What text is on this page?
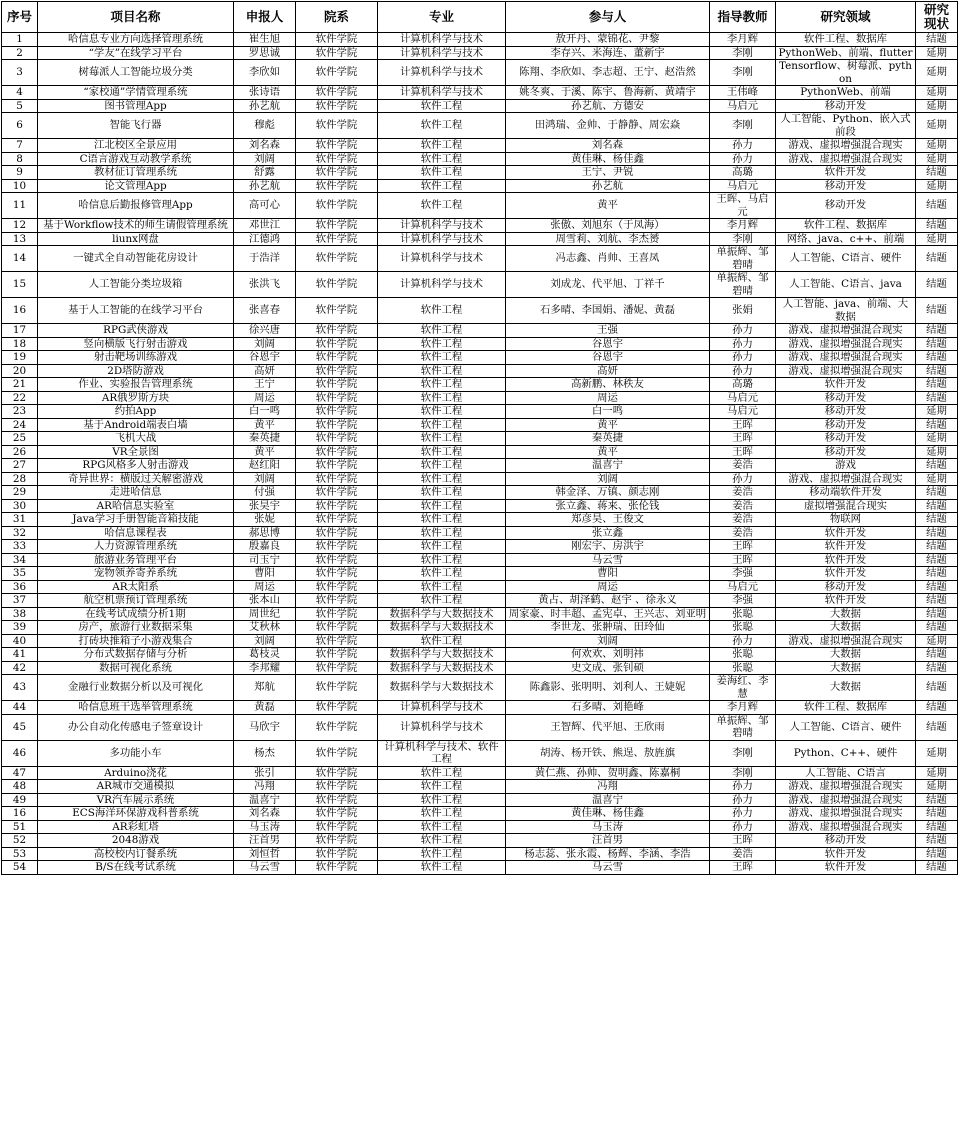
序号	项目名称	申报人	院系	专业	参与人	指导教师	研究领域	研究现状
1	哈信息专业方向选择管理系统	崔生旭	软件学院	计算机科学与技术	敖开丹、蒙锦花、尹黎	李月辉	软件工程、数据库	结题
2	“学友”在线学习平台	罗思诚	软件学院	计算机科学与技术	李存兴、米海连、董新宇	李刚	PythonWeb、前端、flutter	延期
3	树莓派人工智能垃圾分类	李欣如	软件学院	计算机科学与技术	陈翔、李欣如、李志超、王宁、赵浩然	李刚	Tensorflow、树莓派、python	延期
4	“家校通”学情管理系统	张诗语	软件学院	计算机科学与技术	姚冬爽、于溪、陈宇、鲁海新、黄靖宇	王伟峰	PythonWeb、前端	延期
5	图书管理App	孙艺航	软件学院	软件工程	孙艺航、方德安	马启元	移动开发	延期
6	智能飞行器	穆彪	软件学院	软件工程	田鸿瑞、金帅、于静静、周宏焱	李刚	人工智能、Python、嵌入式前段	延期
7	江北校区全景应用	刘名森	软件学院	软件工程	刘名森	孙力	游戏、虚拟增强混合现实	延期
8	C语言游戏互动教学系统	刘阔	软件学院	软件工程	黄佳琳、杨佳鑫	孙力	游戏、虚拟增强混合现实	延期
9	教材征订管理系统	舒露	软件学院	软件工程	王宁、尹锐	高璐	软件开发	结题
10	论文管理App	孙艺航	软件学院	软件工程	孙艺航	马启元	移动开发	延期
11	哈信息后勤报修管理App	高可心	软件学院	软件工程	黄平	王晖、马启元	移动开发	结题
12	基于Workflow技术的师生请假管理系统	邓世江	软件学院	计算机科学与技术	张傲、刘旭东（于凤海）	李月辉	软件工程、数据库	结题
13	liunx网盘	江德鸿	软件学院	计算机科学与技术	周雪莉、刘航、李杰赟	李刚	网络、java、c++、前端	延期
14	一键式全自动智能花房设计	于浩洋	软件学院	计算机科学与技术	冯志鑫、肖帅、王喜凤	单振辉、邹碧晴	人工智能、C语言、硬件	结题
15	人工智能分类垃圾箱	张洪飞	软件学院	计算机科学与技术	刘成龙、代平旭、丁祥千	单振辉、邹碧晴	人工智能、C语言、java	结题
16	基于人工智能的在线学习平台	张喜春	软件学院	软件工程	石多晴、李国娟、潘妮、黄磊	张娟	人工智能、java、前端、大数据	结题
17	RPG武侠游戏	徐兴唐	软件学院	软件工程	王强	孙力	游戏、虚拟增强混合现实	结题
18	竖向横版飞行射击游戏	刘阔	软件学院	软件工程	谷恩宇	孙力	游戏、虚拟增强混合现实	结题
19	射击靶场训练游戏	谷恩宇	软件学院	软件工程	谷恩宇	孙力	游戏、虚拟增强混合现实	结题
20	2D塔防游戏	高妍	软件学院	软件工程	高妍	孙力	游戏、虚拟增强混合现实	结题
21	作业、实验报告管理系统	王宁	软件学院	软件工程	高新鹏、林秩友	高璐	软件开发	结题
22	AR俄罗斯方块	周运	软件学院	软件工程	周运	马启元	移动开发	结题
23	约拍App	白一鸣	软件学院	软件工程	白一鸣	马启元	移动开发	延期
24	基于Android端表白墙	黄平	软件学院	软件工程	黄平	王晖	移动开发	结题
25	飞机大战	秦英捷	软件学院	软件工程	秦英捷	王晖	移动开发	延期
26	VR全景图	黄平	软件学院	软件工程	黄平	王晖	移动开发	延期
27	RPG风格多人射击游戏	赵红阳	软件学院	软件工程	温喜宁	姜浩	游戏	结题
28	奇异世界：横版过关解密游戏	刘阔	软件学院	软件工程	刘阔	孙力	游戏、虚拟增强混合现实	延期
29	走进哈信息	付强	软件学院	软件工程	韩金泽、万镇、颜志刚	姜浩	移动端软件开发	结题
30	AR哈信息实验室	张昊宇	软件学院	软件工程	张立鑫、蒋来、张伦钱	姜浩	虚拟增强混合现实	结题
31	Java学习手册智能音箱技能	张妮	软件学院	软件工程	郑彦昊、王俊文	姜浩	物联网	结题
32	哈信息课程表	郝思博	软件学院	软件工程	张立鑫	姜浩	软件开发	结题
33	人力资源管理系统	殷嘉良	软件学院	软件工程	刚宏宇、房洪宇	王晖	软件开发	结题
34	旅游业务管理平台	司玉宁	软件学院	软件工程	马云雪	王晖	软件开发	结题
35	宠物领养寄养系统	曹阳	软件学院	软件工程	曹阳	李强	软件开发	结题
36	AR太阳系	周运	软件学院	软件工程	周运	马启元	移动开发	结题
37	航空机票预订管理系统	张本山	软件学院	软件工程	黄占、胡泽鹤、赵宇 、徐永义	李强	软件开发	结题
38	在线考试成绩分析1期	周世纪	软件学院	数据科学与大数据技术	周家豪、时丰超、孟宪卓、王兴志、刘亚明	张聪	大数据	结题
39	房产，旅游行业数据采集	艾秋林	软件学院	数据科学与大数据技术	李世龙、张翀瑞、田玲仙	张聪	大数据	结题
40	打砖块推箱子小游戏集合	刘阔	软件学院	软件工程	刘阔	孙力	游戏、虚拟增强混合现实	延期
41	分布式数据存储与分析	葛枝灵	软件学院	数据科学与大数据技术	何欢欢、刘明祎	张聪	大数据	结题
42	数据可视化系统	李邦耀	软件学院	数据科学与大数据技术	史文成、张钊硕	张聪	大数据	结题
43	金融行业数据分析以及可视化	郑航	软件学院	数据科学与大数据技术	陈鑫影、张明明、刘利人、王婕妮	姜海红、李慧	大数据	结题
44	哈信息班干选举管理系统	黄磊	软件学院	计算机科学与技术	石多晴、刘艳峰	李月辉	软件工程、数据库	结题
45	办公自动化传感电子签章设计	马欣宇	软件学院	计算机科学与技术	王智辉、代平旭、王欣雨	单振辉、邹碧晴	人工智能、C语言、硬件	结题
46	多功能小车	杨杰	软件学院	计算机科学与技术、软件工程	胡涛、杨开铁、熊逞、敖旌旗	李刚	Python、C++、硬件	延期
47	Arduino浇花	张引	软件学院	软件工程	黄仁燕、孙帅、贺明鑫、陈嘉桐	李刚	人工智能、C语言	延期
48	AR城市交通模拟	冯翔	软件学院	软件工程	冯翔	孙力	游戏、虚拟增强混合现实	延期
49	VR汽车展示系统	温喜宁	软件学院	软件工程	温喜宁	孙力	游戏、虚拟增强混合现实	结题
16	ECS海洋环保游戏科普系统	刘名森	软件学院	软件工程	黄佳琳、杨佳鑫	孙力	游戏、虚拟增强混合现实	结题
51	AR彩虹塔	马玉涛	软件学院	软件工程	马玉涛	孙力	游戏、虚拟增强混合现实	结题
52	2048游戏	汪首男	软件学院	软件工程	汪首男	王晖	移动开发	结题
53	高校校内订餐系统	刘恒哲	软件学院	软件工程	杨志蕊、张永霞、杨辉、李涵、李浩	姜浩	软件开发	结题
54	B/S在线考试系统	马云雪	软件学院	软件工程	马云雪	王晖	软件开发	结题
